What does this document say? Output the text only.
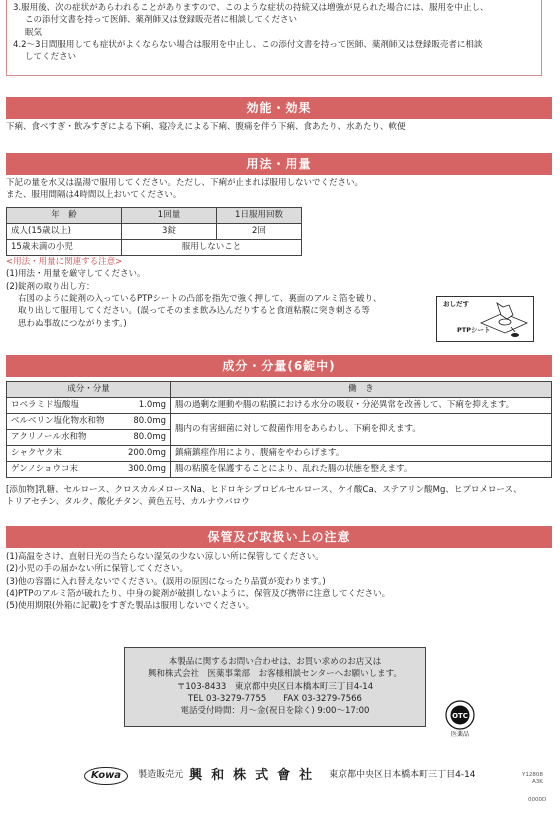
3.服用後、次の症状があらわれることがありますので、このような症状の持続又は増強が見られた場合には、服用を中止し、

この添付文書を持って医師、薬剤師又は登録販売者に相談してください

眠気

4.2～3日間服用しても症状がよくならない場合は服用を中止し、この添付文書を持って医師、薬剤師又は登録販売者に相談

してください

効能・効果

下痢、食べすぎ・飲みすぎによる下痢、寝冷えによる下痢、腹痛を伴う下痢、食あたり、水あたり、軟便

用法・用量

下記の量を水又は温湯で服用してください。ただし、下痢が止まれば服用しないでください。

また、服用間隔は4時間以上おいてください。

年　齢	1回量	1日服用回数
成人(15歳以上)	3錠	2回
15歳未満の小児	服用しないこと	

<用法・用量に関連する注意>

(1)用法・用量を厳守してください。

(2)錠剤の取り出し方：

右図のように錠剤の入っているPTPシートの凸部を指先で強く押して、裏面のアルミ箔を破り、

取り出して服用してください。(誤ってそのまま飲み込んだりすると食道粘膜に突き刺さる等

思わぬ事故につながります。)

おしだす
PTPシート
成分・分量(6錠中)
成分・分量	働　き
ロペラミド塩酸塩 1.0mg	腸の過剰な運動や腸の粘膜における水分の吸収・分泌異常を改善して、下痢を抑えます。
ベルベリン塩化物水和物 80.0mg	腸内の有害細菌に対して殺菌作用をあらわし、下痢を抑えます。
アクリノール水和物 80.0mg	

シャクヤク末 200.0mg	鎮痛鎮痙作用により、腹痛をやわらげます。
ゲンノショウコ末 300.0mg	腸の粘膜を保護することにより、乱れた腸の状態を整えます。

[添加物]乳糖、セルロース、クロスカルメロースNa、ヒドロキシプロピルセルロース、ケイ酸Ca、ステアリン酸Mg、ヒプロメロース、

トリアセチン、タルク、酸化チタン、黄色五号、カルナウバロウ

保管及び取扱い上の注意

(1)高温をさけ、直射日光の当たらない湿気の少ない涼しい所に保管してください。

(2)小児の手の届かない所に保管してください。

(3)他の容器に入れ替えないでください。(誤用の原因になったり品質が変わります。)

(4)PTPのアルミ箔が破れたり、中身の錠剤が破損しないように、保管及び携帯に注意してください。

(5)使用期限(外箱に記載)をすぎた製品は服用しないでください。

本製品に関するお問い合わせは、お買い求めのお店又は

興和株式会社　医薬事業部　お客様相談センターへお願いします。

〒103-8433　東京都中央区日本橋本町三丁目4-14

TEL 03-3279-7755　　FAX 03-3279-7566

電話受付時間：月～金(祝日を除く) 9:00～17:00	OTC
医薬品
Kowa	製造販売元 興和株式會社 東京都中央区日本橋本町三丁目4-14	Y12808
A3K
0000D
